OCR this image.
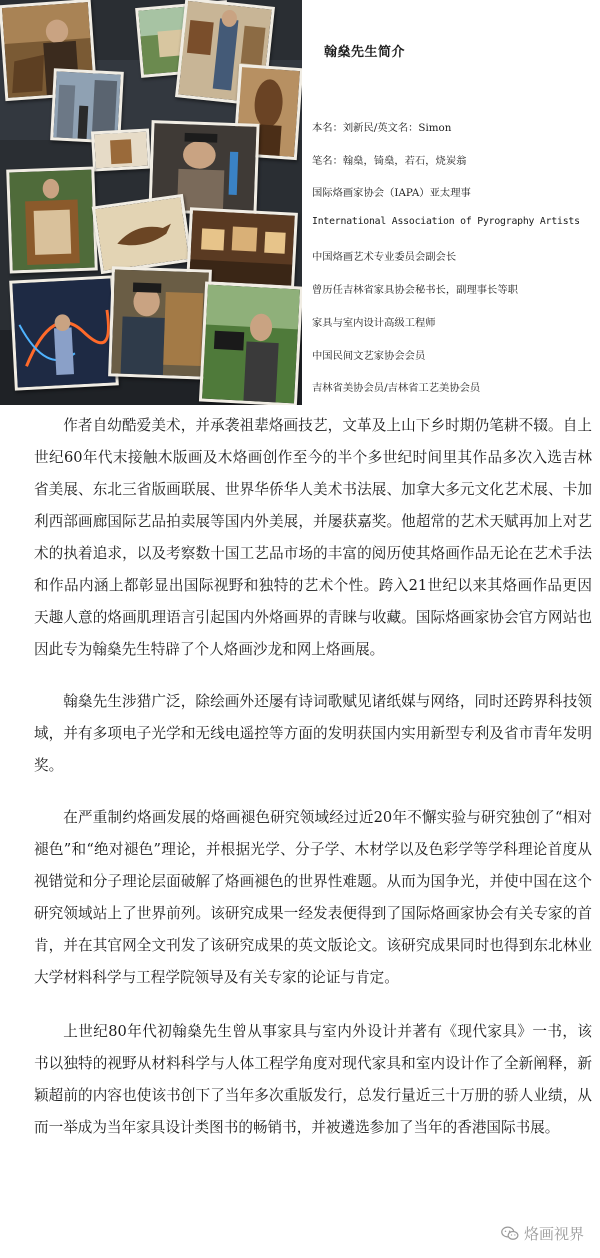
翰燊先生简介
本名：刘新民/英文名：Simon
笔名：翰燊，锜燊，若石，烧炭翁
国际烙画家协会（IAPA）亚太理事
International Association of Pyrography Artists
中国烙画艺术专业委员会副会长
曾历任吉林省家具协会秘书长，副理事长等职
家具与室内设计高级工程师
中国民间文艺家协会会员
吉林省美协会员/吉林省工艺美协会员

作者自幼酷爱美术，并承袭祖辈烙画技艺，文革及上山下乡时期仍笔耕不辍。自上世纪60年代末接触木版画及木烙画创作至今的半个多世纪时间里其作品多次入选吉林省美展、东北三省版画联展、世界华侨华人美术书法展、加拿大多元文化艺术展、卡加利西部画廊国际艺品拍卖展等国内外美展，并屡获嘉奖。他超常的艺术天赋再加上对艺术的执着追求，以及考察数十国工艺品市场的丰富的阅历使其烙画作品无论在艺术手法和作品内涵上都彰显出国际视野和独特的艺术个性。跨入21世纪以来其烙画作品更因天趣人意的烙画肌理语言引起国内外烙画界的青睐与收藏。国际烙画家协会官方网站也因此专为翰燊先生特辟了个人烙画沙龙和网上烙画展。

翰燊先生涉猎广泛，除绘画外还屡有诗词歌赋见诸纸媒与网络，同时还跨界科技领域，并有多项电子光学和无线电遥控等方面的发明获国内实用新型专利及省市青年发明奖。

在严重制约烙画发展的烙画褪色研究领域经过近20年不懈实验与研究独创了“相对褪色”和“绝对褪色”理论，并根据光学、分子学、木材学以及色彩学等学科理论首度从视错觉和分子理论层面破解了烙画褪色的世界性难题。从而为国争光，并使中国在这个研究领域站上了世界前列。该研究成果一经发表便得到了国际烙画家协会有关专家的首肯，并在其官网全文刊发了该研究成果的英文版论文。该研究成果同时也得到东北林业大学材料科学与工程学院领导及有关专家的论证与肯定。

上世纪80年代初翰燊先生曾从事家具与室内外设计并著有《现代家具》一书，该书以独特的视野从材料科学与人体工程学角度对现代家具和室内设计作了全新阐释，新颖超前的内容也使该书创下了当年多次重版发行，总发行量近三十万册的骄人业绩，从而一举成为当年家具设计类图书的畅销书，并被遴选参加了当年的香港国际书展。

烙画视界
